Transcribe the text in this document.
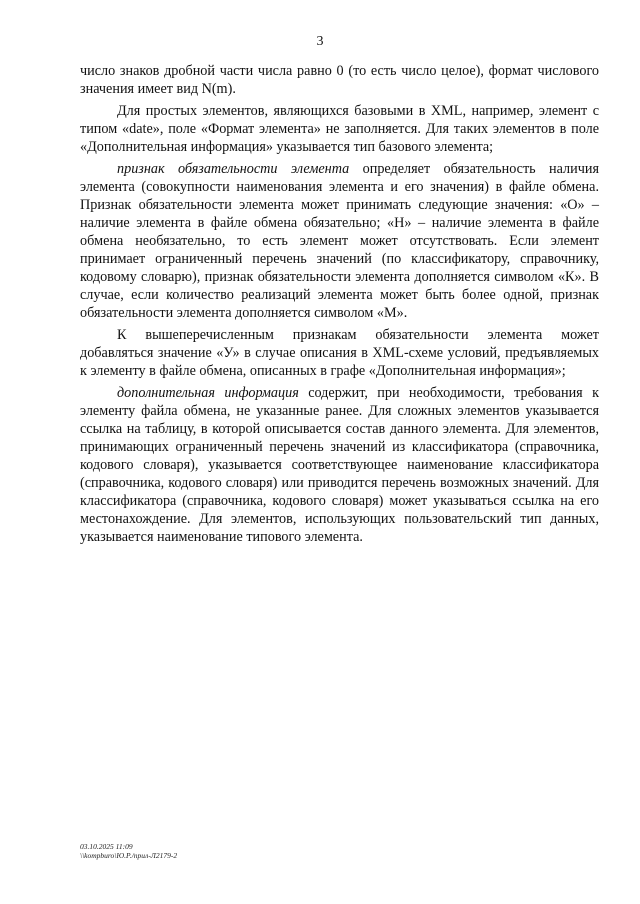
3

число знаков дробной части числа равно 0 (то есть число целое), формат числового значения имеет вид N(m).

Для простых элементов, являющихся базовыми в XML, например, элемент с типом «date», поле «Формат элемента» не заполняется. Для таких элементов в поле «Дополнительная информация» указывается тип базового элемента;

признак обязательности элемента определяет обязательность наличия элемента (совокупности наименования элемента и его значения) в файле обмена. Признак обязательности элемента может принимать следующие значения: «О» – наличие элемента в файле обмена обязательно; «Н» – наличие элемента в файле обмена необязательно, то есть элемент может отсутствовать. Если элемент принимает ограниченный перечень значений (по классификатору, справочнику, кодовому словарю), признак обязательности элемента дополняется символом «К». В случае, если количество реализаций элемента может быть более одной, признак обязательности элемента дополняется символом «М».

К вышеперечисленным признакам обязательности элемента может добавляться значение «У» в случае описания в XML-схеме условий, предъявляемых к элементу в файле обмена, описанных в графе «Дополнительная информация»;

дополнительная информация содержит, при необходимости, требования к элементу файла обмена, не указанные ранее. Для сложных элементов указывается ссылка на таблицу, в которой описывается состав данного элемента. Для элементов, принимающих ограниченный перечень значений из классификатора (справочника, кодового словаря), указывается соответствующее наименование классификатора (справочника, кодового словаря) или приводится перечень возможных значений. Для классификатора (справочника, кодового словаря) может указываться ссылка на его местонахождение. Для элементов, использующих пользовательский тип данных, указывается наименование типового элемента.

03.10.2025 11:09
\\kompburo\Ю.Р./прил-Л2179-2
